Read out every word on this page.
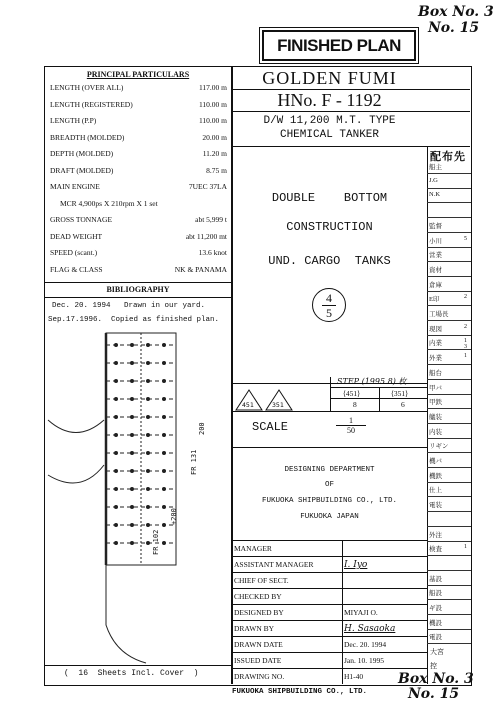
Box No. 3
No. 15
FINISHED PLAN
PRINCIPAL PARTICULARS
LENGTH (OVER ALL)	117.00 m
LENGTH (REGISTERED)	110.00 m
LENGTH (P.P)	110.00 m
BREADTH (MOLDED)	20.00 m
DEPTH (MOLDED)	11.20 m
DRAFT (MOLDED)	8.75 m
MAIN ENGINE	7UEC 37LA
MCR 4,900ps X 210rpm X 1 set
GROSS TONNAGE	abt 5,999 t
DEAD WEIGHT	abt 11,200 mt
SPEED (scant.)	13.6 knot
FLAG & CLASS	NK & PANAMA
BIBLIOGRAPHY
Dec. 20. 1994   Drawn in our yard.
Sep.17.1996.  Copied as finished plan.
FR 102
FR 131
+200
200
(  16  Sheets Incl. Cover  )
GOLDEN FUMI
HNo. F - 1192
D/W 11,200 M.T. TYPE
CHEMICAL TANKER
DOUBLE    BOTTOM
CONSTRUCTION
UND. CARGO  TANKS
4
5
451	351
STEP (1995.8) 枚
⟨451⟩	⟨351⟩
8	6
SCALE	$\frac{1}{50}$
DESIGNING DEPARTMENT
OF
FUKUOKA SHIPBUILDING CO., LTD.
FUKUOKA JAPAN
MANAGER
ASSISTANT MANAGER	I. Iyo
CHIEF OF SECT.
CHECKED BY
DESIGNED BY	MIYAJI O.
DRAWN BY	H. Sasaoka
DRAWN DATE	Dec. 20. 1994
ISSUED DATE	Jan. 10. 1995
DRAWING NO.	H1-40
配布先
船主
J.G
N.K
監督
小川	5
営業
資材
倉庫
E印	2
工場長
現図	2
内業	1 3
外業	1
船台
甲バ
甲鉄
艤装
内装
リギン
機バ
機鉄
仕上
電装
外注
検査	1
基設
船設
ギ設
機設
電設
大宮
控
FUKUOKA SHIPBUILDING CO., LTD.
Box No. 3
No. 15
